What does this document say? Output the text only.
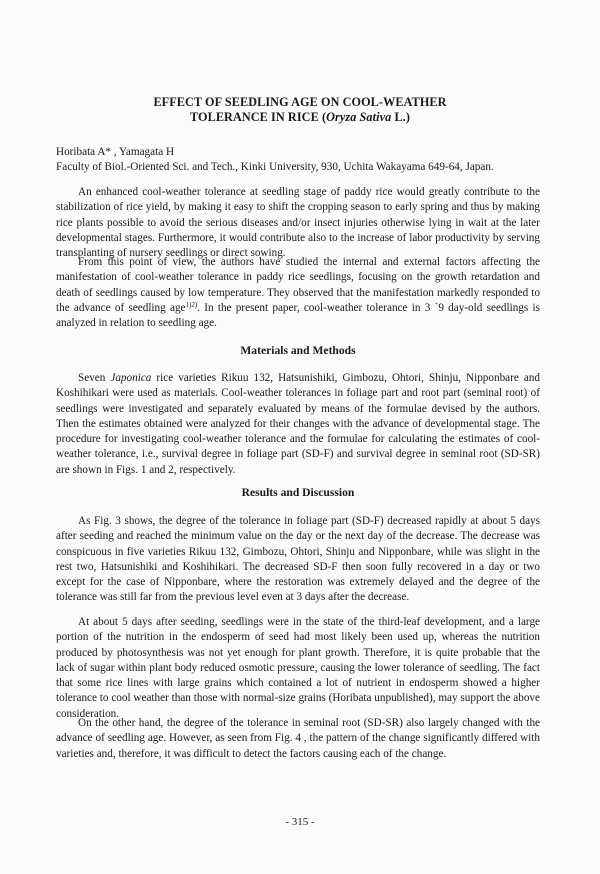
EFFECT OF SEEDLING AGE ON COOL-WEATHER
TOLERANCE IN RICE (Oryza Sativa L.)
Horibata A* , Yamagata H
Faculty of Biol.-Oriented Sci. and Tech., Kinki University, 930, Uchita Wakayama 649-64, Japan.

An enhanced cool-weather tolerance at seedling stage of paddy rice would greatly contribute to the stabilization of rice yield, by making it easy to shift the cropping season to early spring and thus by making rice plants possible to avoid the serious diseases and/or insect injuries otherwise lying in wait at the later developmental stages. Furthermore, it would contribute also to the increase of labor productivity by serving transplanting of nursery seedlings or direct sowing.

From this point of view, the authors have studied the internal and external factors affecting the manifestation of cool-weather tolerance in paddy rice seedlings, focusing on the growth retardation and death of seedlings caused by low temperature. They observed that the manifestation markedly responded to the advance of seedling age$^{1)2)}$. In the present paper, cool-weather tolerance in 3 `9 day-old seedlings is analyzed in relation to seedling age.

Materials and Methods

Seven Japonica rice varieties Rikuu 132, Hatsunishiki, Gimbozu, Ohtori, Shinju, Nipponbare and Koshihikari were used as materials. Cool-weather tolerances in foliage part and root part (seminal root) of seedlings were investigated and separately evaluated by means of the formulae devised by the authors. Then the estimates obtained were analyzed for their changes with the advance of developmental stage. The procedure for investigating cool-weather tolerance and the formulae for calculating the estimates of cool-weather tolerance, i.e., survival degree in foliage part (SD-F) and survival degree in seminal root (SD-SR) are shown in Figs. 1 and 2, respectively.

Results and Discussion

As Fig. 3 shows, the degree of the tolerance in foliage part (SD-F) decreased rapidly at about 5 days after seeding and reached the minimum value on the day or the next day of the decrease. The decrease was conspicuous in five varieties Rikuu 132, Gimbozu, Ohtori, Shinju and Nipponbare, while was slight in the rest two, Hatsunishiki and Koshihikari. The decreased SD-F then soon fully recovered in a day or two except for the case of Nipponbare, where the restoration was extremely delayed and the degree of the tolerance was still far from the previous level even at 3 days after the decrease.

At about 5 days after seeding, seedlings were in the state of the third-leaf development, and a large portion of the nutrition in the endosperm of seed had most likely been used up, whereas the nutrition produced by photosynthesis was not yet enough for plant growth. Therefore, it is quite probable that the lack of sugar within plant body reduced osmotic pressure, causing the lower tolerance of seedling. The fact that some rice lines with large grains which contained a lot of nutrient in endosperm showed a higher tolerance to cool weather than those with normal-size grains (Horibata unpublished), may support the above consideration.

On the other hand, the degree of the tolerance in seminal root (SD-SR) also largely changed with the advance of seedling age. However, as seen from Fig. 4 , the pattern of the change significantly differed with varieties and, therefore, it was difficult to detect the factors causing each of the change.

- 315 -
